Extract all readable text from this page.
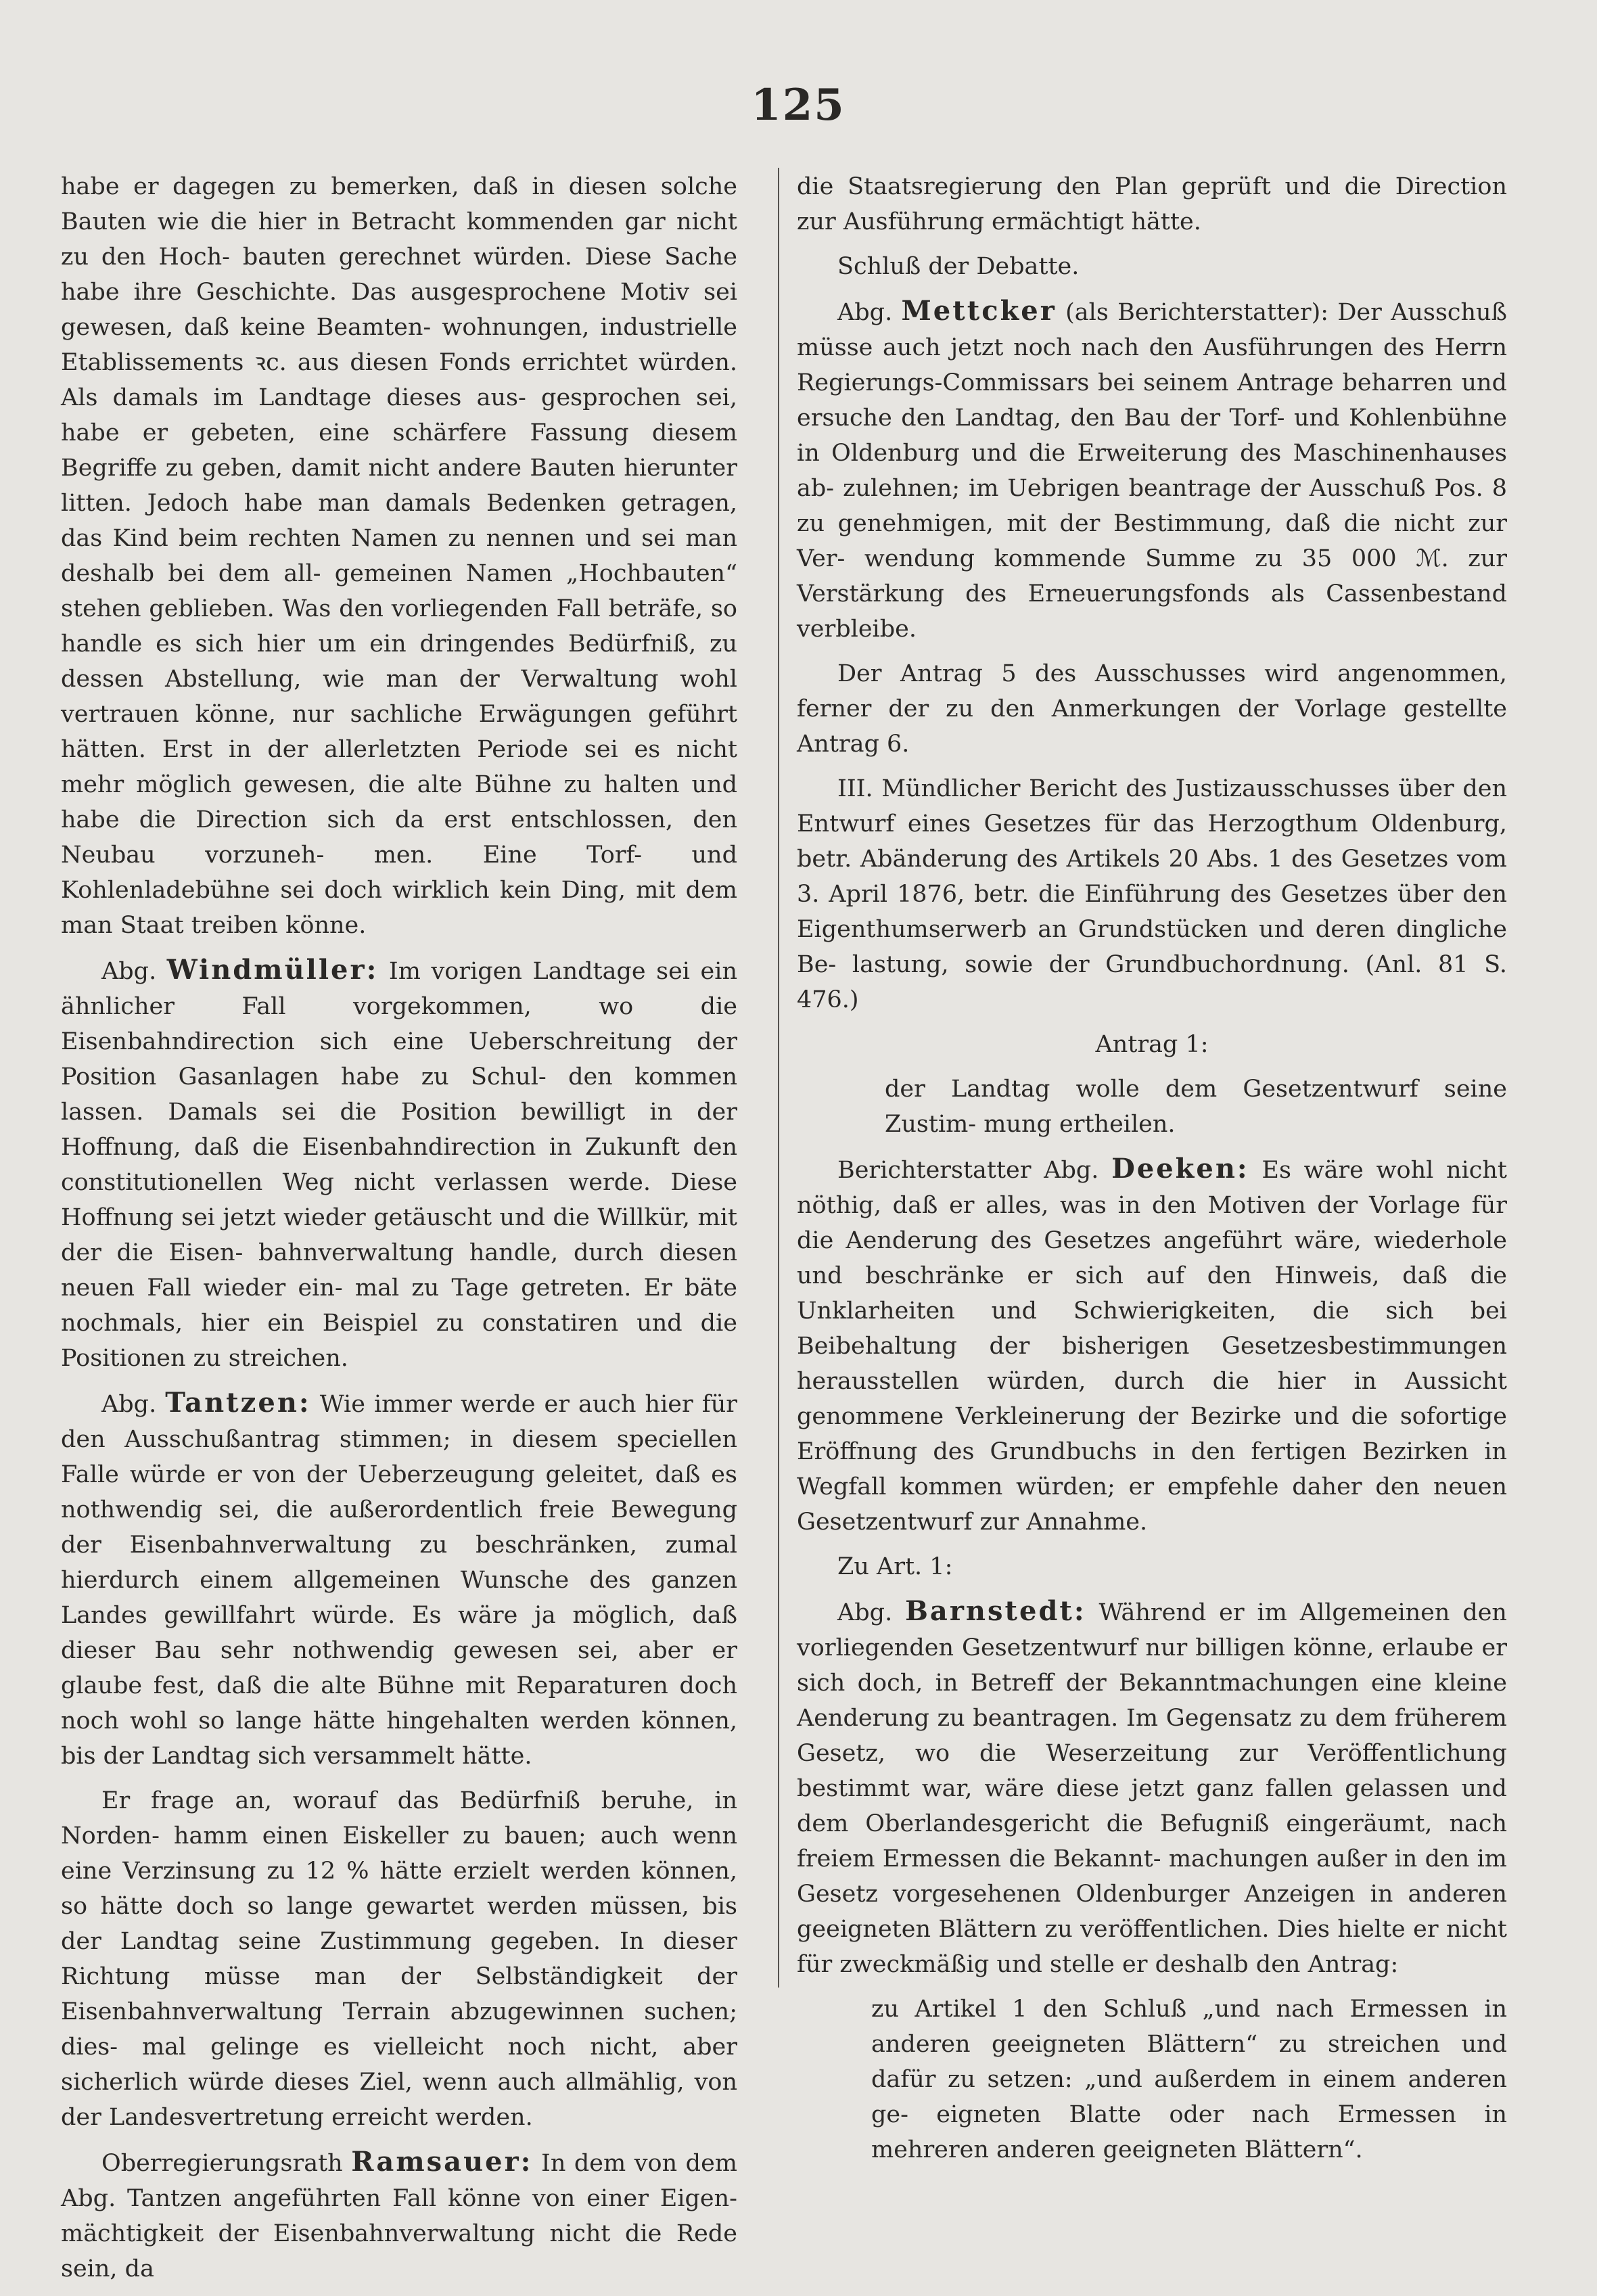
125

habe er dagegen zu bemerken, daß in diesen solche Bauten wie die hier in Betracht kommenden gar nicht zu den Hoch- bauten gerechnet würden. Diese Sache habe ihre Geschichte. Das ausgesprochene Motiv sei gewesen, daß keine Beamten- wohnungen, industrielle Etablissements ꝛc. aus diesen Fonds errichtet würden. Als damals im Landtage dieses aus- gesprochen sei, habe er gebeten, eine schärfere Fassung diesem Begriffe zu geben, damit nicht andere Bauten hierunter litten. Jedoch habe man damals Bedenken getragen, das Kind beim rechten Namen zu nennen und sei man deshalb bei dem all- gemeinen Namen „Hochbauten“ stehen geblieben. Was den vorliegenden Fall beträfe, so handle es sich hier um ein dringendes Bedürfniß, zu dessen Abstellung, wie man der Verwaltung wohl vertrauen könne, nur sachliche Erwägungen geführt hätten. Erst in der allerletzten Periode sei es nicht mehr möglich gewesen, die alte Bühne zu halten und habe die Direction sich da erst entschlossen, den Neubau vorzuneh- men. Eine Torf- und Kohlenladebühne sei doch wirklich kein Ding, mit dem man Staat treiben könne.

Abg. Windmüller: Im vorigen Landtage sei ein ähnlicher Fall vorgekommen, wo die Eisenbahndirection sich eine Ueberschreitung der Position Gasanlagen habe zu Schul- den kommen lassen. Damals sei die Position bewilligt in der Hoffnung, daß die Eisenbahndirection in Zukunft den constitutionellen Weg nicht verlassen werde. Diese Hoffnung sei jetzt wieder getäuscht und die Willkür, mit der die Eisen- bahnverwaltung handle, durch diesen neuen Fall wieder ein- mal zu Tage getreten. Er bäte nochmals, hier ein Beispiel zu constatiren und die Positionen zu streichen.

Abg. Tantzen: Wie immer werde er auch hier für den Ausschußantrag stimmen; in diesem speciellen Falle würde er von der Ueberzeugung geleitet, daß es nothwendig sei, die außerordentlich freie Bewegung der Eisenbahnverwaltung zu beschränken, zumal hierdurch einem allgemeinen Wunsche des ganzen Landes gewillfahrt würde. Es wäre ja möglich, daß dieser Bau sehr nothwendig gewesen sei, aber er glaube fest, daß die alte Bühne mit Reparaturen doch noch wohl so lange hätte hingehalten werden können, bis der Landtag sich versammelt hätte.

Er frage an, worauf das Bedürfniß beruhe, in Norden- hamm einen Eiskeller zu bauen; auch wenn eine Verzinsung zu 12 % hätte erzielt werden können, so hätte doch so lange gewartet werden müssen, bis der Landtag seine Zustimmung gegeben. In dieser Richtung müsse man der Selbständigkeit der Eisenbahnverwaltung Terrain abzugewinnen suchen; dies- mal gelinge es vielleicht noch nicht, aber sicherlich würde dieses Ziel, wenn auch allmählig, von der Landesvertretung erreicht werden.

Oberregierungsrath Ramsauer: In dem von dem Abg. Tantzen angeführten Fall könne von einer Eigen- mächtigkeit der Eisenbahnverwaltung nicht die Rede sein, da

die Staatsregierung den Plan geprüft und die Direction zur Ausführung ermächtigt hätte.

Schluß der Debatte.

Abg. Mettcker (als Berichterstatter): Der Ausschuß müsse auch jetzt noch nach den Ausführungen des Herrn Regierungs-Commissars bei seinem Antrage beharren und ersuche den Landtag, den Bau der Torf- und Kohlenbühne in Oldenburg und die Erweiterung des Maschinenhauses ab- zulehnen; im Uebrigen beantrage der Ausschuß Pos. 8 zu genehmigen, mit der Bestimmung, daß die nicht zur Ver- wendung kommende Summe zu 35 000 ℳ. zur Verstärkung des Erneuerungsfonds als Cassenbestand verbleibe.

Der Antrag 5 des Ausschusses wird angenommen, ferner der zu den Anmerkungen der Vorlage gestellte Antrag 6.

III. Mündlicher Bericht des Justizausschusses über den Entwurf eines Gesetzes für das Herzogthum Oldenburg, betr. Abänderung des Artikels 20 Abs. 1 des Gesetzes vom 3. April 1876, betr. die Einführung des Gesetzes über den Eigenthumserwerb an Grundstücken und deren dingliche Be- lastung, sowie der Grundbuchordnung. (Anl. 81 S. 476.)

Antrag 1:

der Landtag wolle dem Gesetzentwurf seine Zustim- mung ertheilen.

Berichterstatter Abg. Deeken: Es wäre wohl nicht nöthig, daß er alles, was in den Motiven der Vorlage für die Aenderung des Gesetzes angeführt wäre, wiederhole und beschränke er sich auf den Hinweis, daß die Unklarheiten und Schwierigkeiten, die sich bei Beibehaltung der bisherigen Gesetzesbestimmungen herausstellen würden, durch die hier in Aussicht genommene Verkleinerung der Bezirke und die sofortige Eröffnung des Grundbuchs in den fertigen Bezirken in Wegfall kommen würden; er empfehle daher den neuen Gesetzentwurf zur Annahme.

Zu Art. 1:

Abg. Barnstedt: Während er im Allgemeinen den vorliegenden Gesetzentwurf nur billigen könne, erlaube er sich doch, in Betreff der Bekanntmachungen eine kleine Aenderung zu beantragen. Im Gegensatz zu dem früherem Gesetz, wo die Weserzeitung zur Veröffentlichung bestimmt war, wäre diese jetzt ganz fallen gelassen und dem Oberlandesgericht die Befugniß eingeräumt, nach freiem Ermessen die Bekannt- machungen außer in den im Gesetz vorgesehenen Oldenburger Anzeigen in anderen geeigneten Blättern zu veröffentlichen. Dies hielte er nicht für zweckmäßig und stelle er deshalb den Antrag:

zu Artikel 1 den Schluß „und nach Ermessen in anderen geeigneten Blättern“ zu streichen und dafür zu setzen: „und außerdem in einem anderen ge- eigneten Blatte oder nach Ermessen in mehreren anderen geeigneten Blättern“.
